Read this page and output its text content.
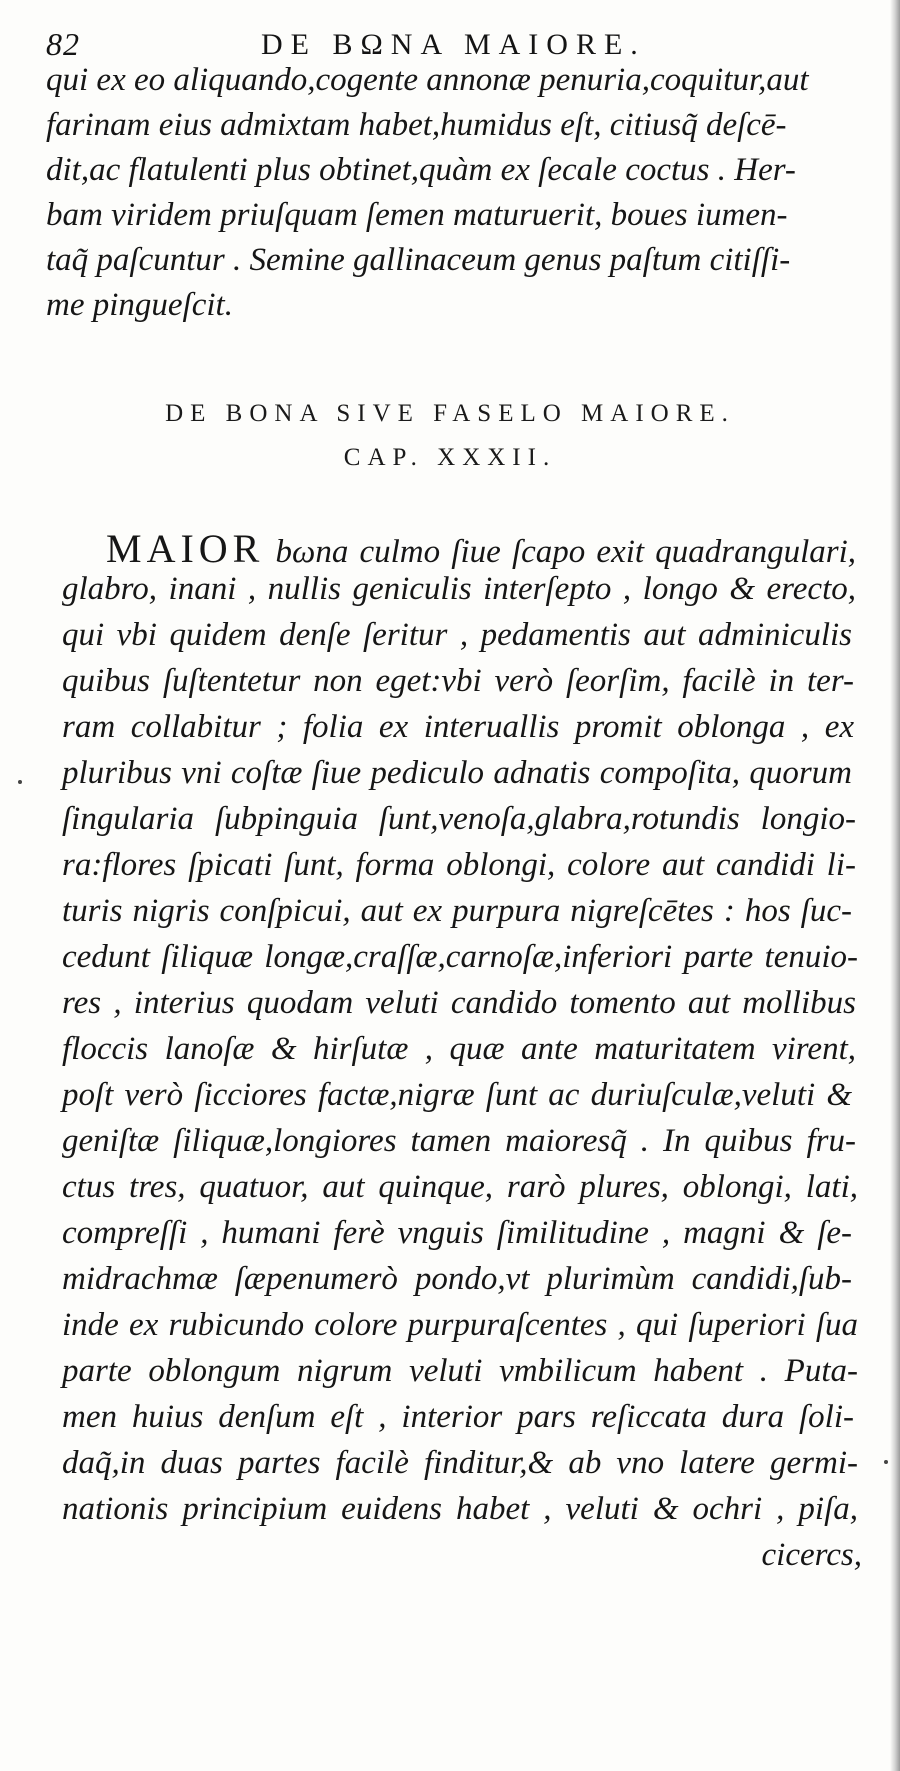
82	DE BΩNA MAIORE.
qui ex eo aliquando,cogente annonæ penuria,coquitur,aut
farinam eius admixtam habet,humidus eſt, citiusq̃ deſcē-
dit,ac flatulenti plus obtinet,quàm ex ſecale coctus . Her-
bam viridem priuſquam ſemen maturuerit, boues iumen-
taq̃ paſcuntur . Semine gallinaceum genus paſtum citiſſi-
me pingueſcit.
DE BONA SIVE FASELO MAIORE.
CAP. XXXII.
MAIOR bωna culmo ſiue ſcapo exit quadrangulari,
glabro, inani , nullis geniculis interſepto , longo & erecto,
qui vbi quidem denſe ſeritur , pedamentis aut adminiculis
quibus ſuſtentetur non eget:vbi verò ſeorſim, facilè in ter-
ram collabitur ; folia ex interuallis promit oblonga , ex
pluribus vni coſtæ ſiue pediculo adnatis compoſita, quorum
ſingularia ſubpinguia ſunt,venoſa,glabra,rotundis longio-
ra:flores ſpicati ſunt, forma oblongi, colore aut candidi li-
turis nigris conſpicui, aut ex purpura nigreſcētes : hos ſuc-
cedunt ſiliquæ longæ,craſſæ,carnoſæ,inferiori parte tenuio-
res , interius quodam veluti candido tomento aut mollibus
floccis lanoſæ & hirſutæ , quæ ante maturitatem virent,
poſt verò ſicciores factæ,nigræ ſunt ac duriuſculæ,veluti &
geniſtæ ſiliquæ,longiores tamen maioresq̃ . In quibus fru-
ctus tres, quatuor, aut quinque, rarò plures, oblongi, lati,
compreſſi , humani ferè vnguis ſimilitudine , magni & ſe-
midrachmæ ſæpenumerò pondo,vt plurimùm candidi,ſub-
inde ex rubicundo colore purpuraſcentes , qui ſuperiori ſua
parte oblongum nigrum veluti vmbilicum habent . Puta-
men huius denſum eſt , interior pars reſiccata dura ſoli-
daq̃,in duas partes facilè finditur,& ab vno latere germi-
nationis principium euidens habet , veluti & ochri , piſa,
cicercs,
